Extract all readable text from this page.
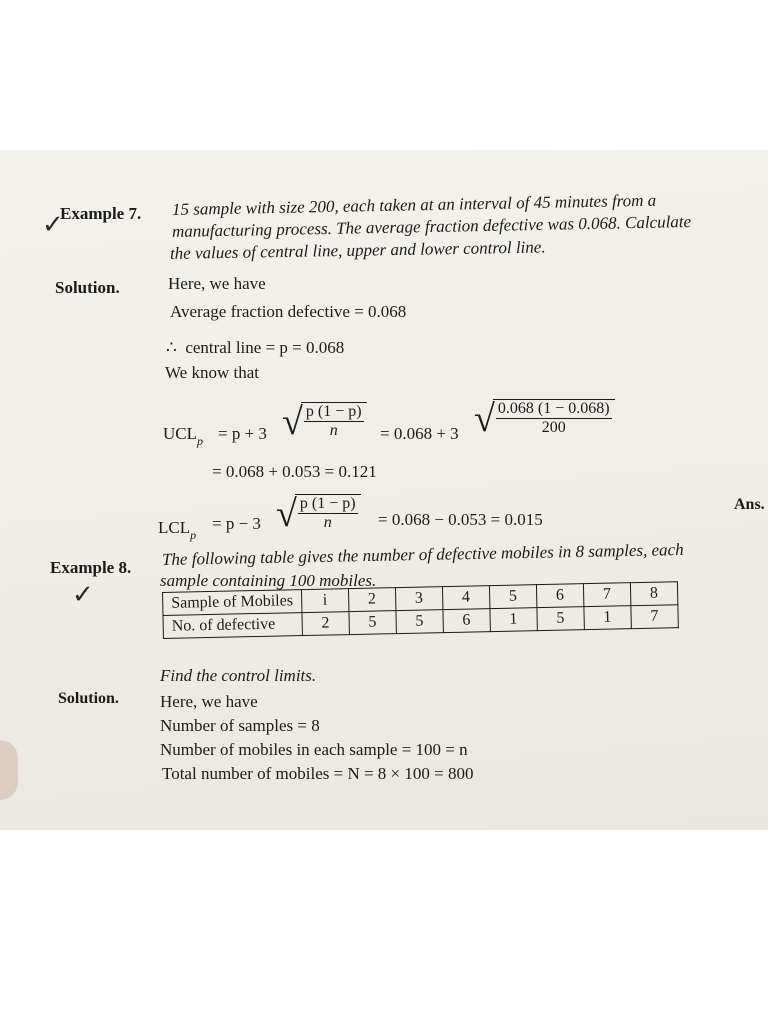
✓
Example 7. 15 sample with size 200, each taken at an interval of 45 minutes from a
manufacturing process. The average fraction defective was 0.068. Calculate
the values of central line, upper and lower control line.
Solution.	Here, we have
Average fraction defective = 0.068
∴ central line = p = 0.068
We know that
$UCL_p = p + 3$ √
$\frac{p (1 - p)}{n} = 0.068 + 3$ √
$\frac{0.068 (1 - 0.068)}{200}$
= 0.068 + 0.053 = 0.121
$LCL_p$
= p − 3 √
$\frac{p (1 - p)}{n} = 0.068 - 0.053 = 0.015$
Ans.
Example 8.
✓
The following table gives the number of defective mobiles in 8 samples, each
sample containing 100 mobiles.
Sample of Mobiles	i	2	3	4	5	6	7	8
No. of defective	2	5	5	6	1	5	1	7
Find the control limits.
Solution. Here, we have
Number of samples = 8
Number of mobiles in each sample = 100 = n
Total number of mobiles = N = 8 × 100 = 800
